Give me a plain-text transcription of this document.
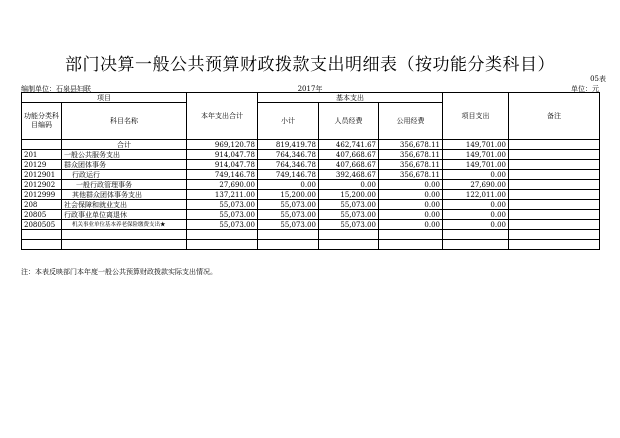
部门决算一般公共预算财政拨款支出明细表（按功能分类科目）
05表
编制单位：石泉县妇联	2017年	单位：元
项目		本年支出合计	基本支出			项目支出	备注
功能分类科目编码	科目名称		小计	人员经费	公用经费		
	合计	969,120.78	819,419.78	462,741.67	356,678.11	149,701.00	
201	一般公共服务支出	914,047.78	764,346.78	407,668.67	356,678.11	149,701.00	
20129	群众团体事务	914,047.78	764,346.78	407,668.67	356,678.11	149,701.00	
2012901	行政运行	749,146.78	749,146.78	392,468.67	356,678.11	0.00	
2012902	一般行政管理事务	27,690.00	0.00	0.00	0.00	27,690.00	
2012999	其他群众团体事务支出	137,211.00	15,200.00	15,200.00	0.00	122,011.00	
208	社会保障和就业支出	55,073.00	55,073.00	55,073.00	0.00	0.00	
20805	行政事业单位离退休	55,073.00	55,073.00	55,073.00	0.00	0.00	
2080505	机关事业单位基本养老保险缴费支出★	55,073.00	55,073.00	55,073.00	0.00	0.00	

注：本表反映部门本年度一般公共预算财政拨款实际支出情况。
